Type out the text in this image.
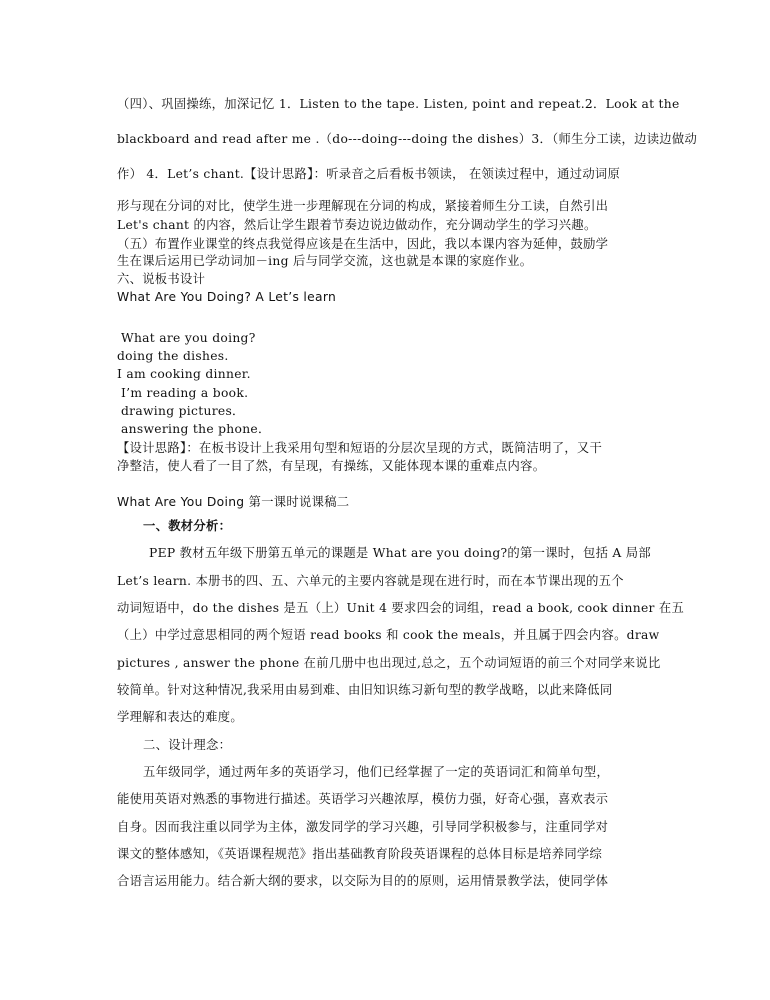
（四）、巩固操练，加深记忆 1．Listen to the tape. Listen, point and repeat.2．Look at the
blackboard and read after me .（do---doing---doing the dishes）3．（师生分工读，边读边做动
作） 4．Let’s chant.【设计思路】：听录音之后看板书领读， 在领读过程中，通过动词原
形与现在分词的对比，使学生进一步理解现在分词的构成，紧接着师生分工读，自然引出
Let's chant 的内容，然后让学生跟着节奏边说边做动作，充分调动学生的学习兴趣。
（五）布置作业课堂的终点我觉得应该是在生活中，因此，我以本课内容为延伸，鼓励学
生在课后运用已学动词加－ing 后与同学交流，这也就是本课的家庭作业。
六、说板书设计
What Are You Doing? A Let’s learn
What are you doing?
doing the dishes.
I am cooking dinner.
I’m reading a book.
drawing pictures．
answering the phone．
【设计思路】：在板书设计上我采用句型和短语的分层次呈现的方式，既简洁明了，又干
净整洁，使人看了一目了然，有呈现，有操练，又能体现本课的重难点内容。
What Are You Doing 第一课时说课稿二
一、教材分析：
PEP 教材五年级下册第五单元的课题是 What are you doing?的第一课时，包括 A 局部
Let’s learn. 本册书的四、五、六单元的主要内容就是现在进行时，而在本节课出现的五个
动词短语中，do the dishes 是五（上）Unit 4 要求四会的词组，read a book, cook dinner 在五
（上）中学过意思相同的两个短语 read books 和 cook the meals，并且属于四会内容。draw
pictures , answer the phone 在前几册中也出现过,总之，五个动词短语的前三个对同学来说比
较简单。针对这种情况,我采用由易到难、由旧知识练习新句型的教学战略，以此来降低同
学理解和表达的难度。
二、设计理念：
五年级同学，通过两年多的英语学习，他们已经掌握了一定的英语词汇和简单句型，
能使用英语对熟悉的事物进行描述。英语学习兴趣浓厚，模仿力强，好奇心强，喜欢表示
自身。因而我注重以同学为主体，激发同学的学习兴趣，引导同学积极参与，注重同学对
课文的整体感知，《英语课程规范》指出基础教育阶段英语课程的总体目标是培养同学综
合语言运用能力。结合新大纲的要求，以交际为目的的原则，运用情景教学法，使同学体
